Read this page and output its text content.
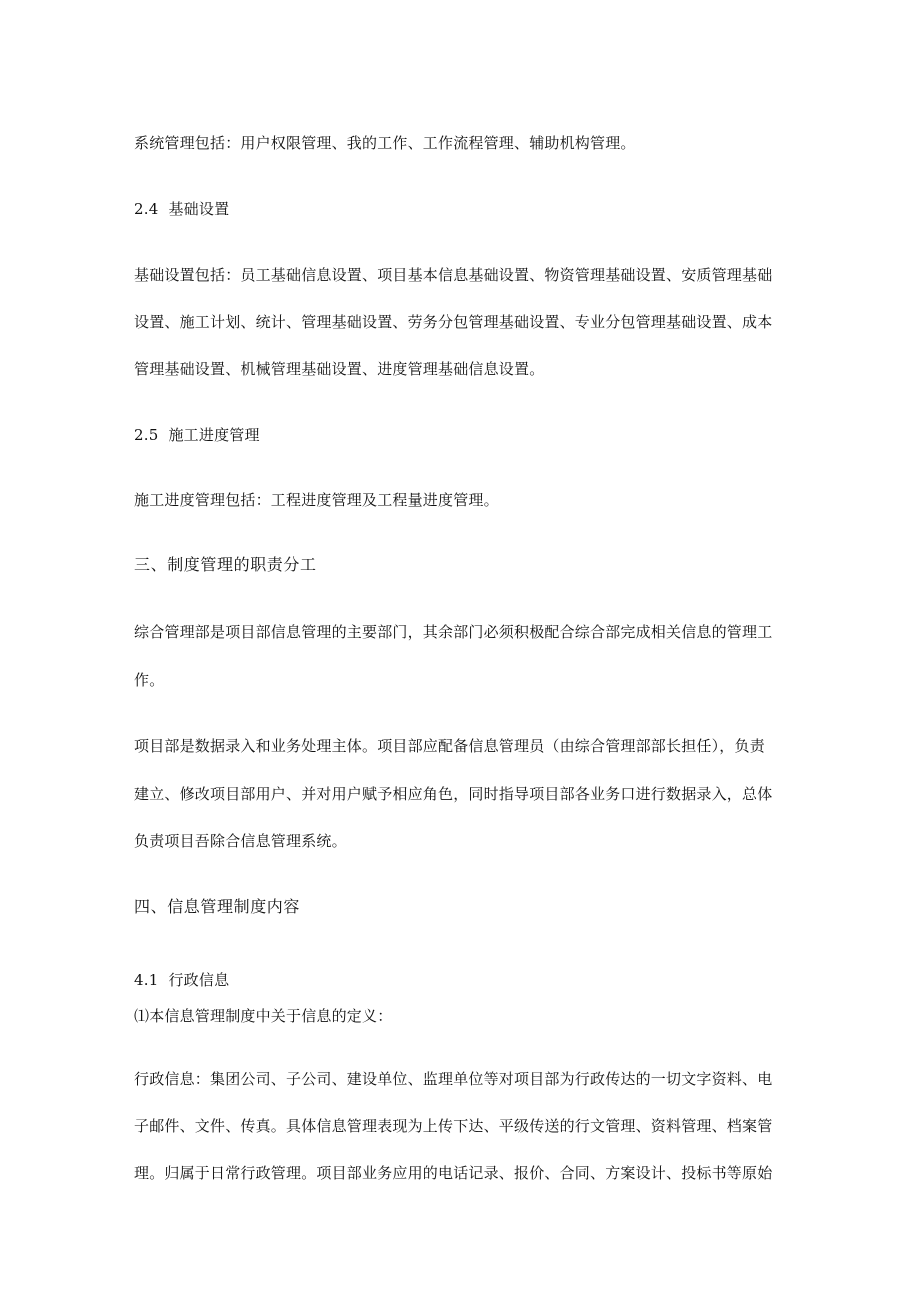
系统管理包括：用户权限管理、我的工作、工作流程管理、辅助机构管理。
2.4 基础设置
基础设置包括：员工基础信息设置、项目基本信息基础设置、物资管理基础设置、安质管理基础
设置、施工计划、统计、管理基础设置、劳务分包管理基础设置、专业分包管理基础设置、成本
管理基础设置、机械管理基础设置、进度管理基础信息设置。
2.5 施工进度管理
施工进度管理包括：工程进度管理及工程量进度管理。
三、制度管理的职责分工
综合管理部是项目部信息管理的主要部门，其余部门必须积极配合综合部完成相关信息的管理工
作。
项目部是数据录入和业务处理主体。项目部应配备信息管理员（由综合管理部部长担任），负责
建立、修改项目部用户、并对用户赋予相应角色，同时指导项目部各业务口进行数据录入，总体
负责项目吾除合信息管理系统。
四、信息管理制度内容
4.1 行政信息
⑴本信息管理制度中关于信息的定义：
行政信息：集团公司、子公司、建设单位、监理单位等对项目部为行政传达的一切文字资料、电
子邮件、文件、传真。具体信息管理表现为上传下达、平级传送的行文管理、资料管理、档案管
理。归属于日常行政管理。项目部业务应用的电话记录、报价、合同、方案设计、投标书等原始
